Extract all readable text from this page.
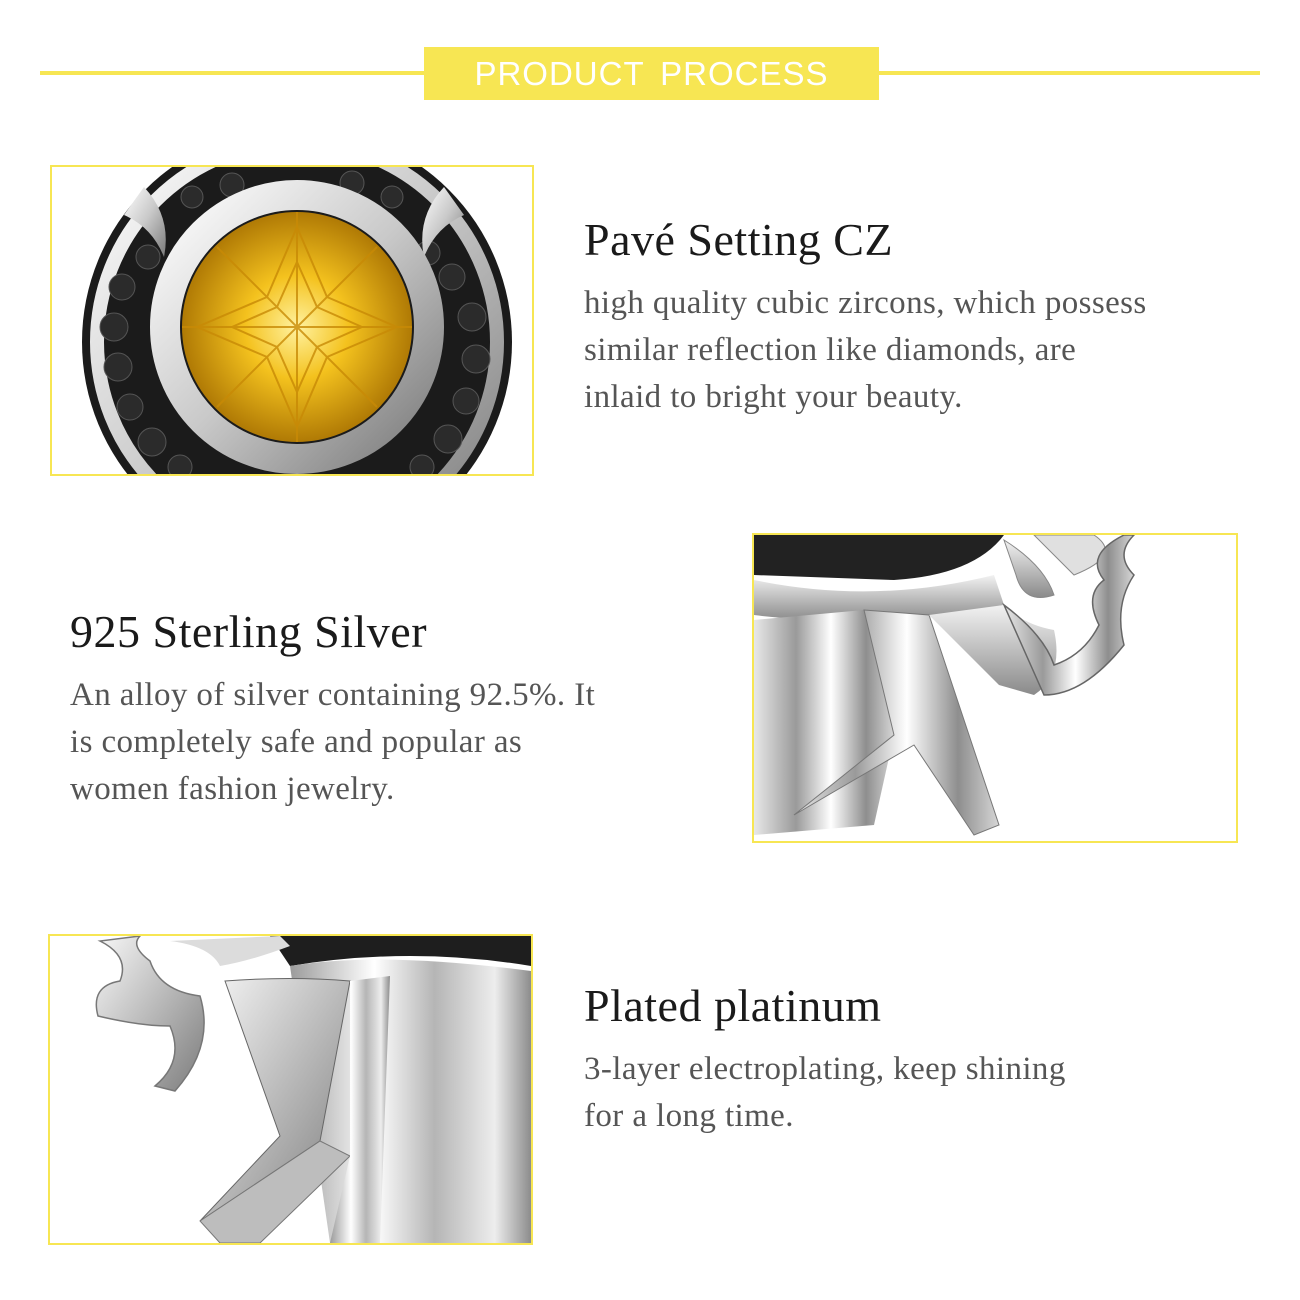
PRODUCT PROCESS
Pavé Setting CZ

high quality cubic zircons, which possess
similar reflection like diamonds, are
inlaid to bright your beauty.

925 Sterling Silver

An alloy of silver containing 92.5%. It
is completely safe and popular as
women fashion jewelry.

Plated platinum

3-layer electroplating, keep shining
for a long time.
